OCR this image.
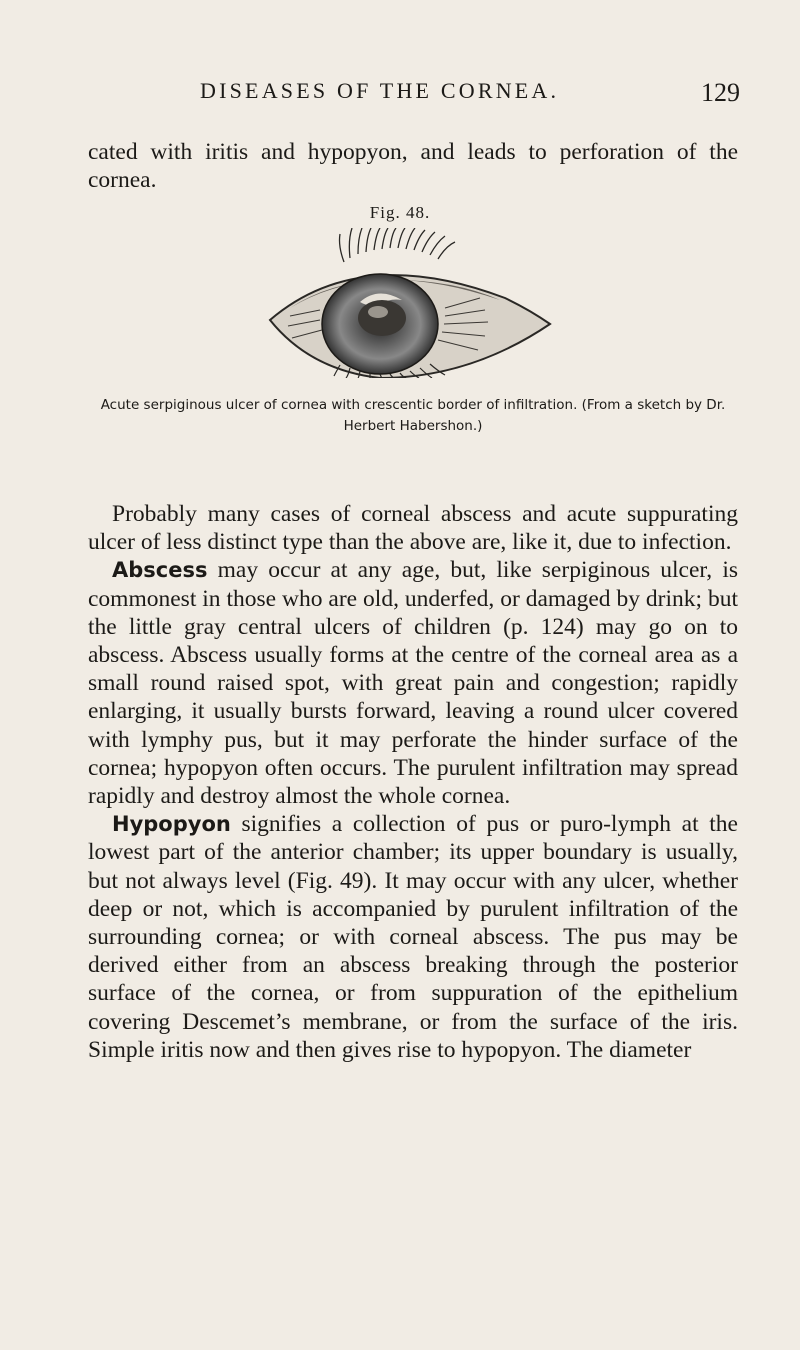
DISEASES OF THE CORNEA.	129
cated with iritis and hypopyon, and leads to perforation of the cornea.
Fig. 48.
Acute serpiginous ulcer of cornea with crescentic border of infiltration. (From a sketch by Dr. Herbert Habershon.)

Probably many cases of corneal abscess and acute suppurating ulcer of less distinct type than the above are, like it, due to infection.

Abscess may occur at any age, but, like serpiginous ulcer, is commonest in those who are old, underfed, or damaged by drink; but the little gray central ulcers of children (p. 124) may go on to abscess. Abscess usually forms at the centre of the corneal area as a small round raised spot, with great pain and congestion; rapidly enlarging, it usually bursts forward, leaving a round ulcer covered with lymphy pus, but it may perforate the hinder surface of the cornea; hypopyon often occurs. The purulent infiltration may spread rapidly and destroy almost the whole cornea.

Hypopyon signifies a collection of pus or puro-lymph at the lowest part of the anterior chamber; its upper boundary is usually, but not always level (Fig. 49). It may occur with any ulcer, whether deep or not, which is accompanied by purulent infiltration of the surrounding cornea; or with corneal abscess. The pus may be derived either from an abscess breaking through the posterior surface of the cornea, or from suppuration of the epithelium covering Descemet’s membrane, or from the surface of the iris. Simple iritis now and then gives rise to hypopyon. The diameter
